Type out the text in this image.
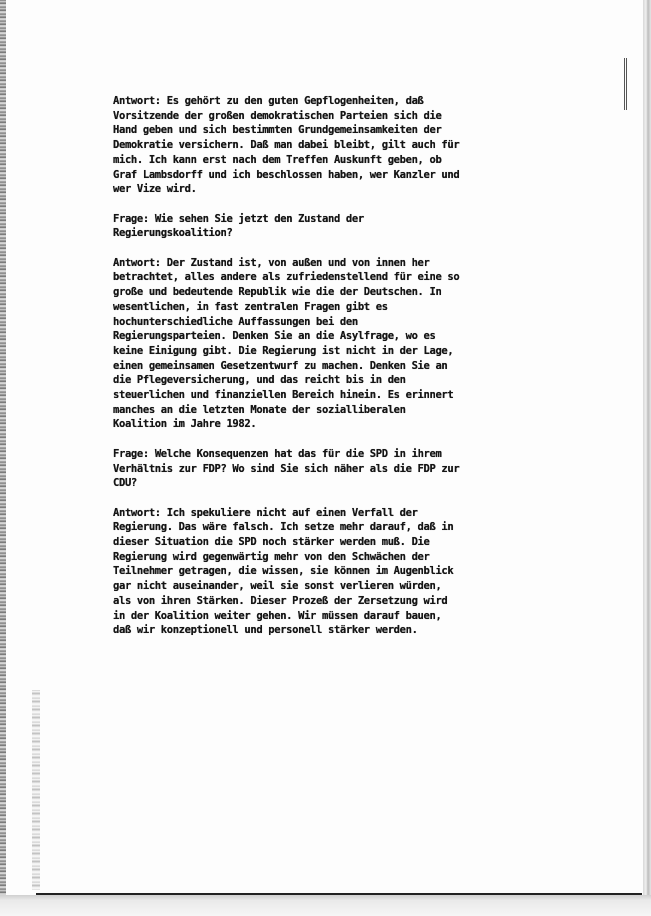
Antwort: Es gehört zu den guten Gepflogenheiten, daß
Vorsitzende der großen demokratischen Parteien sich die
Hand geben und sich bestimmten Grundgemeinsamkeiten der
Demokratie versichern. Daß man dabei bleibt, gilt auch für
mich. Ich kann erst nach dem Treffen Auskunft geben, ob
Graf Lambsdorff und ich beschlossen haben, wer Kanzler und
wer Vize wird.
Frage: Wie sehen Sie jetzt den Zustand der
Regierungskoalition?
Antwort: Der Zustand ist, von außen und von innen her
betrachtet, alles andere als zufriedenstellend für eine so
große und bedeutende Republik wie die der Deutschen. In
wesentlichen, in fast zentralen Fragen gibt es
hochunterschiedliche Auffassungen bei den
Regierungsparteien. Denken Sie an die Asylfrage, wo es
keine Einigung gibt. Die Regierung ist nicht in der Lage,
einen gemeinsamen Gesetzentwurf zu machen. Denken Sie an
die Pflegeversicherung, und das reicht bis in den
steuerlichen und finanziellen Bereich hinein. Es erinnert
manches an die letzten Monate der sozialliberalen
Koalition im Jahre 1982.
Frage: Welche Konsequenzen hat das für die SPD in ihrem
Verhältnis zur FDP? Wo sind Sie sich näher als die FDP zur
CDU?
Antwort: Ich spekuliere nicht auf einen Verfall der
Regierung. Das wäre falsch. Ich setze mehr darauf, daß in
dieser Situation die SPD noch stärker werden muß. Die
Regierung wird gegenwärtig mehr von den Schwächen der
Teilnehmer getragen, die wissen, sie können im Augenblick
gar nicht auseinander, weil sie sonst verlieren würden,
als von ihren Stärken. Dieser Prozeß der Zersetzung wird
in der Koalition weiter gehen. Wir müssen darauf bauen,
daß wir konzeptionell und personell stärker werden.
